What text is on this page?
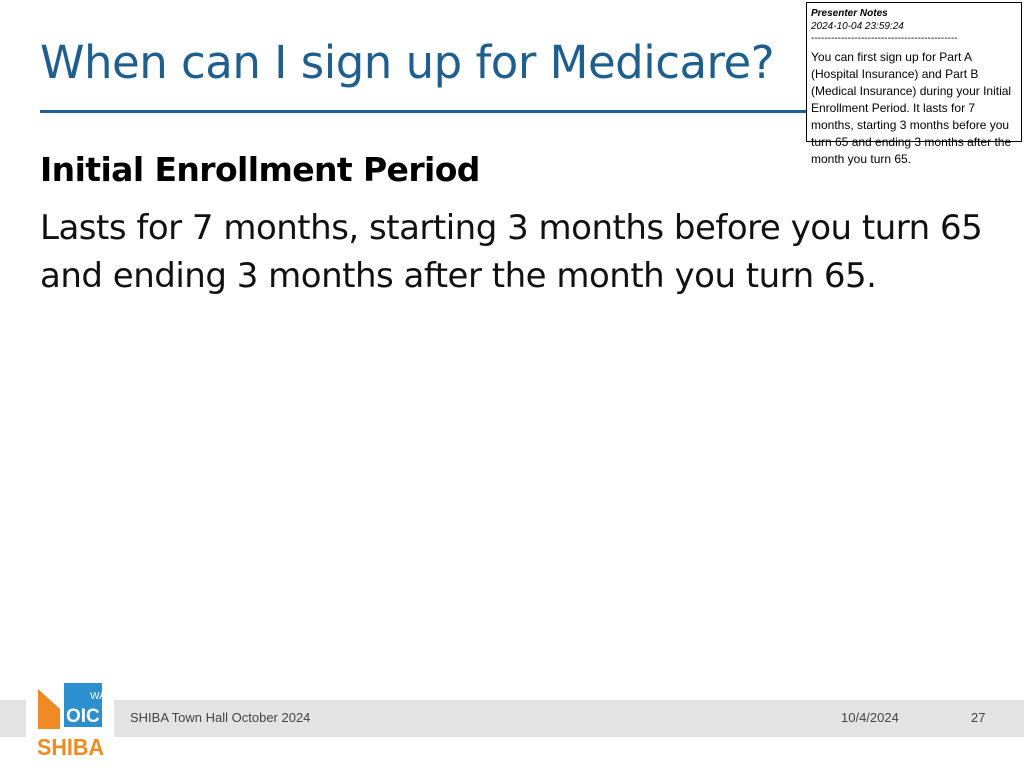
When can I sign up for Medicare?
Initial Enrollment Period

Lasts for 7 months, starting 3 months before you turn 65 and ending 3 months after the month you turn 65.

Presenter Notes
2024-10-04 23:59:24
--------------------------------------------
You can first sign up for Part A (Hospital Insurance) and Part B (Medical Insurance) during your Initial Enrollment Period. It lasts for 7 months, starting 3 months before you turn 65 and ending 3 months after the month you turn 65.
WA
OIC
SHIBA
SHIBA Town Hall October 2024	10/4/2024	27
